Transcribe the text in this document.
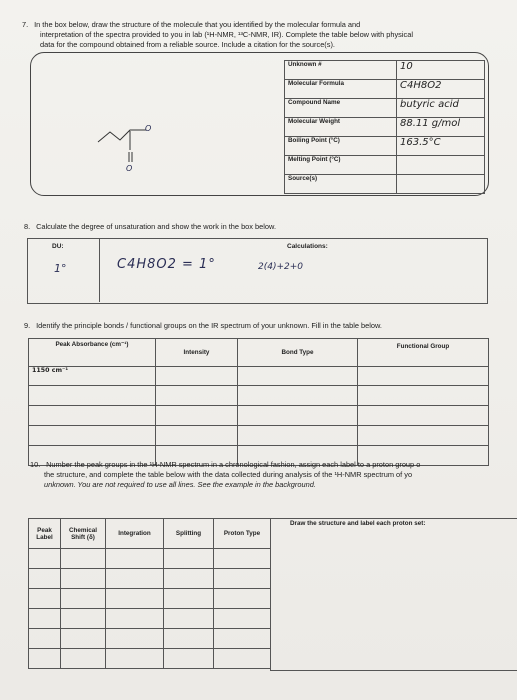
7. In the box below, draw the structure of the molecule that you identified by the molecular formula and
interpretation of the spectra provided to you in lab (¹H-NMR, ¹³C-NMR, IR). Complete the table below with physical
data for the compound obtained from a reliable source. Include a citation for the source(s).
O
O
Unknown #	10
Molecular Formula	C4H8O2
Compound Name	butyric acid
Molecular Weight	88.11 g/mol
Boiling Point (°C)	163.5°C
Melting Point (°C)	
Source(s)	
8. Calculate the degree of unsaturation and show the work in the box below.
DU:	Calculations:
1°	C4H8O2 = 1°	2(4)+2+0
9. Identify the principle bonds / functional groups on the IR spectrum of your unknown. Fill in the table below.
Peak Absorbance (cm⁻¹)	Intensity	Bond Type	Functional Group
1150 cm⁻¹			

10. Number the peak groups in the ¹H-NMR spectrum in a chronological fashion, assign each label to a proton group o
the structure, and complete the table below with the data collected during analysis of the ¹H-NMR spectrum of yo
unknown. You are not required to use all lines. See the example in the background.
Peak Label	Chemical Shift (δ)	Integration	Splitting	Proton Type

Draw the structure and label each proton set:
